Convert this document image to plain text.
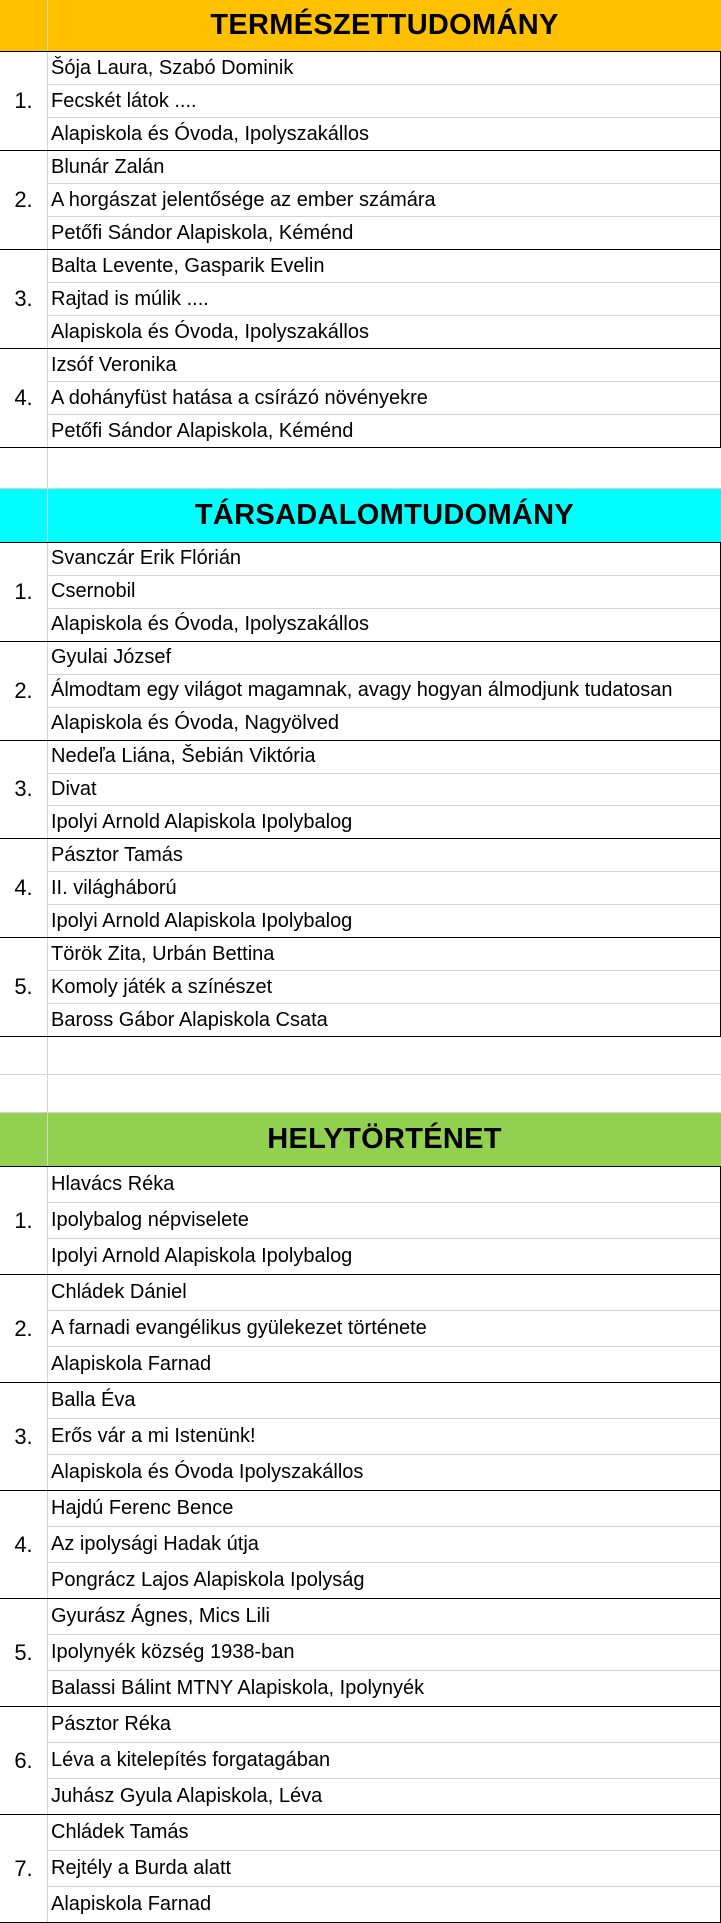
TERMÉSZETTUDOMÁNY
1.
Šója Laura, Szabó Dominik
Fecskét látok ....
Alapiskola és Óvoda, Ipolyszakállos
2.
Blunár Zalán
A horgászat jelentősége az ember számára
Petőfi Sándor Alapiskola, Kéménd
3.
Balta Levente, Gasparik Evelin
Rajtad is múlik ....
Alapiskola és Óvoda, Ipolyszakállos
4.
Izsóf Veronika
A dohányfüst hatása a csírázó növényekre
Petőfi Sándor Alapiskola, Kéménd
TÁRSADALOMTUDOMÁNY
1.
Svanczár Erik Flórián
Csernobil
Alapiskola és Óvoda, Ipolyszakállos
2.
Gyulai József
Álmodtam egy világot magamnak, avagy hogyan álmodjunk tudatosan
Alapiskola és Óvoda, Nagyölved
3.
Nedeľa Liána, Šebián Viktória
Divat
Ipolyi Arnold Alapiskola Ipolybalog
4.
Pásztor Tamás
II. világháború
Ipolyi Arnold Alapiskola Ipolybalog
5.
Török Zita, Urbán Bettina
Komoly játék a színészet
Baross Gábor Alapiskola Csata
HELYTÖRTÉNET
1.
Hlavács Réka
Ipolybalog népviselete
Ipolyi Arnold Alapiskola Ipolybalog
2.
Chládek Dániel
A farnadi evangélikus gyülekezet története
Alapiskola Farnad
3.
Balla Éva
Erős vár a mi Istenünk!
Alapiskola és Óvoda Ipolyszakállos
4.
Hajdú Ferenc Bence
Az ipolysági Hadak útja
Pongrácz Lajos Alapiskola Ipolyság
5.
Gyurász Ágnes, Mics Lili
Ipolynyék község 1938-ban
Balassi Bálint MTNY Alapiskola, Ipolynyék
6.
Pásztor Réka
Léva a kitelepítés forgatagában
Juhász Gyula Alapiskola, Léva
7.
Chládek Tamás
Rejtély a Burda alatt
Alapiskola Farnad
